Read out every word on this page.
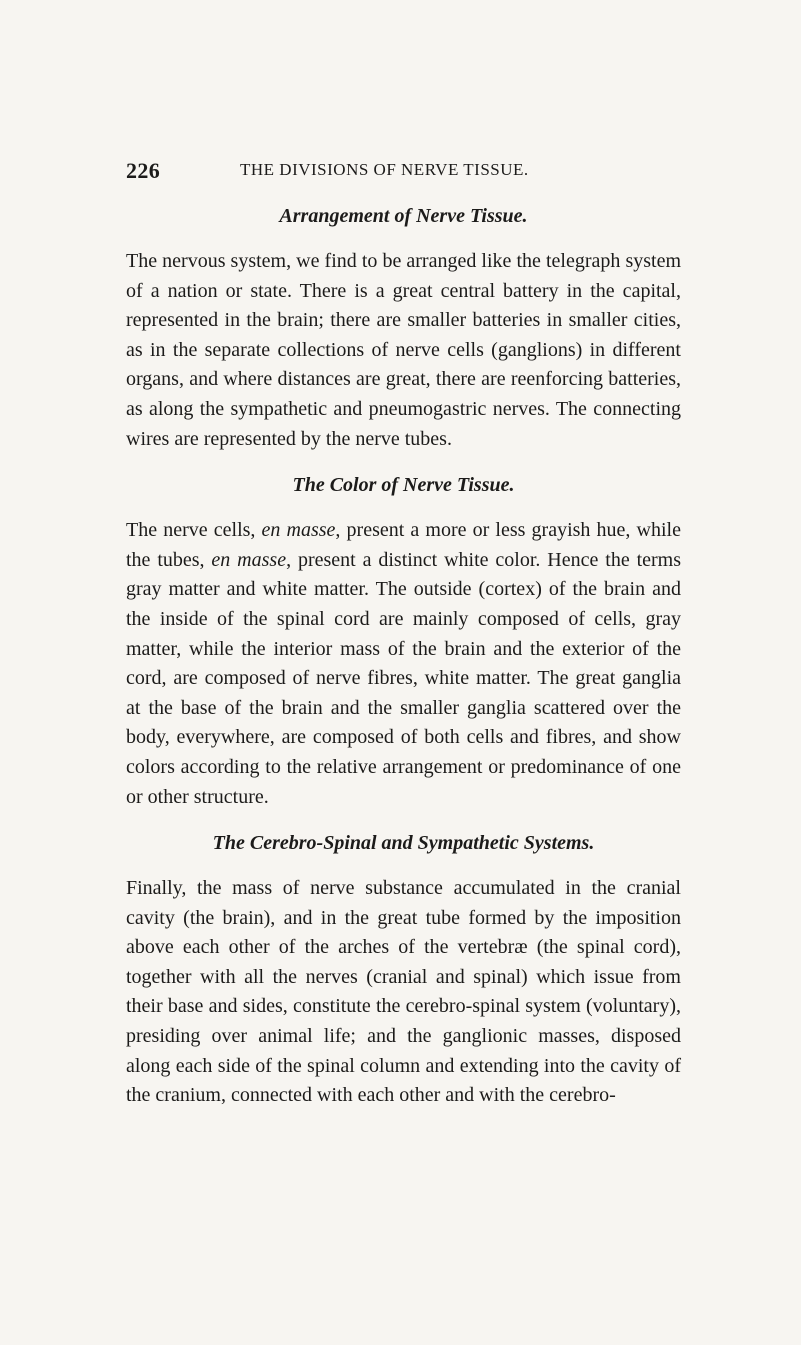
226	THE DIVISIONS OF NERVE TISSUE.
Arrangement of Nerve Tissue.

The nervous system, we find to be arranged like the telegraph system of a nation or state. There is a great central battery in the capital, represented in the brain; there are smaller batteries in smaller cities, as in the separate collections of nerve cells (ganglions) in different organs, and where distances are great, there are reenforcing batteries, as along the sympathetic and pneumogastric nerves. The connecting wires are represented by the nerve tubes.

The Color of Nerve Tissue.

The nerve cells, en masse, present a more or less grayish hue, while the tubes, en masse, present a distinct white color. Hence the terms gray matter and white matter. The outside (cortex) of the brain and the inside of the spinal cord are mainly composed of cells, gray matter, while the interior mass of the brain and the exterior of the cord, are composed of nerve fibres, white matter. The great ganglia at the base of the brain and the smaller ganglia scattered over the body, everywhere, are composed of both cells and fibres, and show colors according to the relative arrangement or predominance of one or other structure.

The Cerebro-Spinal and Sympathetic Systems.

Finally, the mass of nerve substance accumulated in the cranial cavity (the brain), and in the great tube formed by the imposition above each other of the arches of the vertebræ (the spinal cord), together with all the nerves (cranial and spinal) which issue from their base and sides, constitute the cerebro-spinal system (voluntary), presiding over animal life; and the ganglionic masses, disposed along each side of the spinal column and extending into the cavity of the cranium, connected with each other and with the cerebro-
